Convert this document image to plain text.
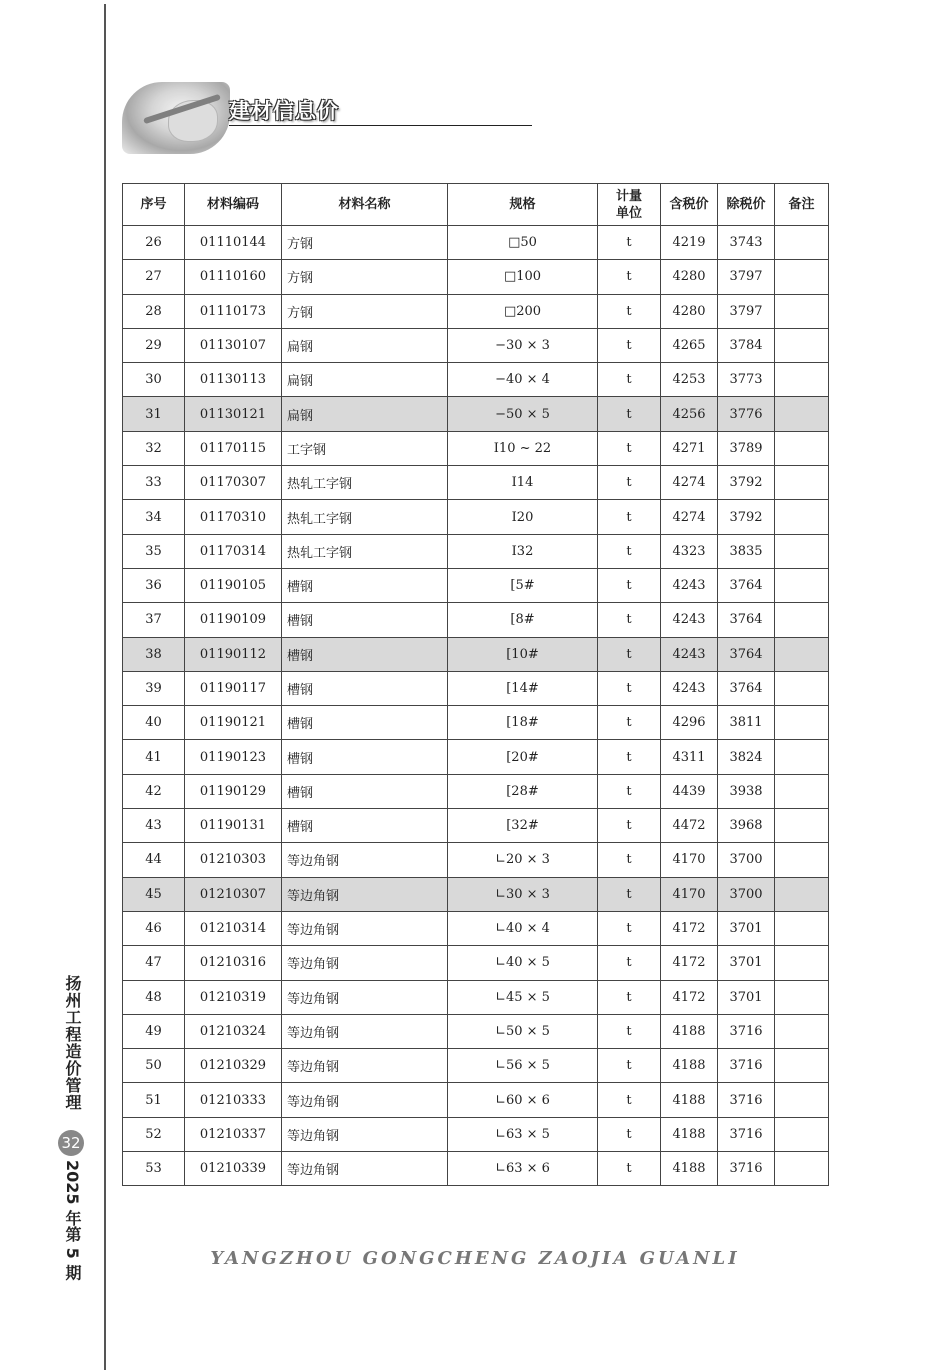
扬州工程造价管理
32
2025 年第 5 期
建材信息价
序号	材料编码	材料名称	规格	计量单位	含税价	除税价	备注
26	01110144	方钢	□50	t	4219	3743	
27	01110160	方钢	□100	t	4280	3797	
28	01110173	方钢	□200	t	4280	3797	
29	01130107	扁钢	−30 × 3	t	4265	3784	
30	01130113	扁钢	−40 × 4	t	4253	3773	
31	01130121	扁钢	−50 × 5	t	4256	3776	
32	01170115	工字钢	I10 ~ 22	t	4271	3789	
33	01170307	热轧工字钢	I14	t	4274	3792	
34	01170310	热轧工字钢	I20	t	4274	3792	
35	01170314	热轧工字钢	I32	t	4323	3835	
36	01190105	槽钢	[5#	t	4243	3764	
37	01190109	槽钢	[8#	t	4243	3764	
38	01190112	槽钢	[10#	t	4243	3764	
39	01190117	槽钢	[14#	t	4243	3764	
40	01190121	槽钢	[18#	t	4296	3811	
41	01190123	槽钢	[20#	t	4311	3824	
42	01190129	槽钢	[28#	t	4439	3938	
43	01190131	槽钢	[32#	t	4472	3968	
44	01210303	等边角钢	∟20 × 3	t	4170	3700	
45	01210307	等边角钢	∟30 × 3	t	4170	3700	
46	01210314	等边角钢	∟40 × 4	t	4172	3701	
47	01210316	等边角钢	∟40 × 5	t	4172	3701	
48	01210319	等边角钢	∟45 × 5	t	4172	3701	
49	01210324	等边角钢	∟50 × 5	t	4188	3716	
50	01210329	等边角钢	∟56 × 5	t	4188	3716	
51	01210333	等边角钢	∟60 × 6	t	4188	3716	
52	01210337	等边角钢	∟63 × 5	t	4188	3716	
53	01210339	等边角钢	∟63 × 6	t	4188	3716	
YANGZHOU GONGCHENG ZAOJIA GUANLI
